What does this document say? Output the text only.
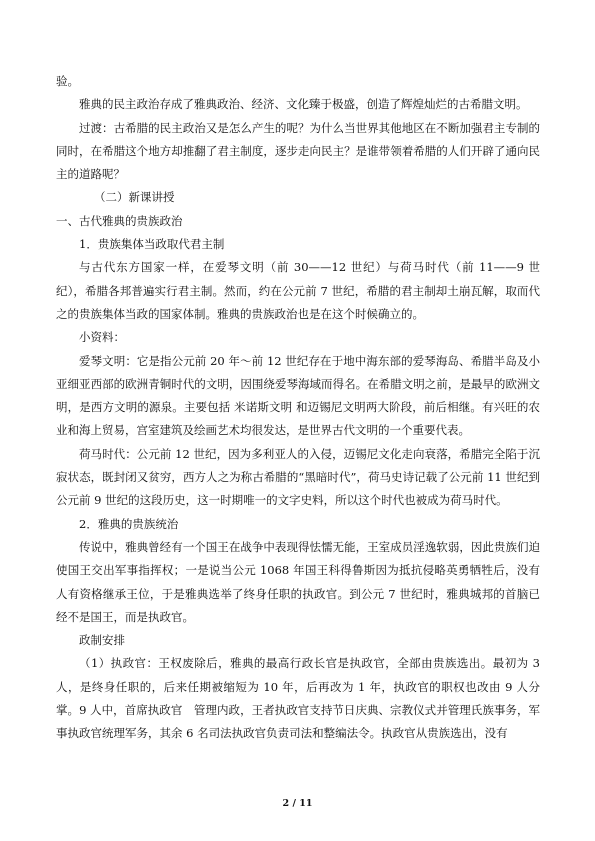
验。

雅典的民主政治存成了雅典政治、经济、文化臻于极盛，创造了辉煌灿烂的古希腊文明。

过渡：古希腊的民主政治又是怎么产生的呢？为什么当世界其他地区在不断加强君主专制的同时，在希腊这个地方却推翻了君主制度，逐步走向民主？是谁带领着希腊的人们开辟了通向民主的道路呢？

（二）新课讲授

一、古代雅典的贵族政治

1．贵族集体当政取代君主制

与古代东方国家一样，在爱琴文明（前 30——12 世纪）与荷马时代（前 11——9 世纪），希腊各邦普遍实行君主制。然而，约在公元前 7 世纪，希腊的君主制却土崩瓦解，取而代之的贵族集体当政的国家体制。雅典的贵族政治也是在这个时候确立的。

小资料：

爱琴文明：它是指公元前 20 年～前 12 世纪存在于地中海东部的爱琴海岛、希腊半岛及小亚细亚西部的欧洲青铜时代的文明，因围绕爱琴海域而得名。在希腊文明之前，是最早的欧洲文明，是西方文明的源泉。主要包括 米诺斯文明 和迈锡尼文明两大阶段，前后相继。有兴旺的农业和海上贸易，宫室建筑及绘画艺术均很发达，是世界古代文明的一个重要代表。

荷马时代：公元前 12 世纪，因为多利亚人的入侵，迈锡尼文化走向衰落，希腊完全陷于沉寂状态，既封闭又贫穷，西方人之为称古希腊的“黑暗时代”，荷马史诗记载了公元前 11 世纪到公元前 9 世纪的这段历史，这一时期唯一的文字史料，所以这个时代也被成为荷马时代。

2．雅典的贵族统治

传说中，雅典曾经有一个国王在战争中表现得怯懦无能，王室成员淫逸软弱，因此贵族们迫使国王交出军事指挥权；一是说当公元 1068 年国王科得鲁斯因为抵抗侵略英勇牺牲后，没有人有资格继承王位，于是雅典选举了终身任职的执政官。到公元 7 世纪时，雅典城邦的首脑已经不是国王，而是执政官。

政制安排

（1）执政官：王权废除后，雅典的最高行政长官是执政官，全部由贵族选出。最初为 3 人，是终身任职的，后来任期被缩短为 10 年，后再改为 1 年，执政官的职权也改由 9 人分掌。9 人中，首席执政官　管理内政，王者执政官支持节日庆典、宗教仪式并管理氏族事务，军事执政官统理军务，其余 6 名司法执政官负责司法和整编法令。执政官从贵族选出，没有

2 / 11
